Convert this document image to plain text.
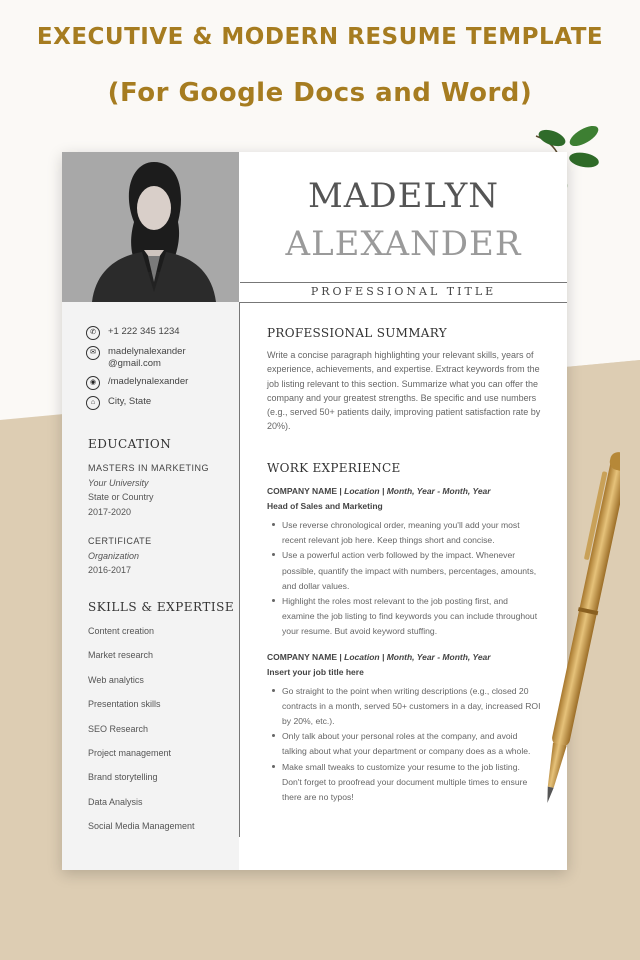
EXECUTIVE & MODERN RESUME TEMPLATE
(For Google Docs and Word)
MADELYN
ALEXANDER
PROFESSIONAL TITLE
✆	+1 222 345 1234
✉	madelynalexander
@gmail.com
◉	/madelynalexander
⌂	City, State
EDUCATION
MASTERS IN MARKETING
Your University
State or Country
2017-2020
CERTIFICATE
Organization
2016-2017
SKILLS & EXPERTISE
Content creation
Market research
Web analytics
Presentation skills
SEO Research
Project management
Brand storytelling
Data Analysis
Social Media Management
PROFESSIONAL SUMMARY
Write a concise paragraph highlighting your relevant skills, years of experience, achievements, and expertise. Extract keywords from the job listing relevant to this section. Summarize what you can offer the company and your greatest strengths. Be specific and use numbers (e.g., served 50+ patients daily, improving patient satisfaction rate by 20%).
WORK EXPERIENCE
COMPANY NAME | Location | Month, Year - Month, Year
Head of Sales and Marketing
Use reverse chronological order, meaning you'll add your most recent relevant job here. Keep things short and concise.
Use a powerful action verb followed by the impact. Whenever possible, quantify the impact with numbers, percentages, amounts, and dollar values.
Highlight the roles most relevant to the job posting first, and examine the job listing to find keywords you can include throughout your resume. But avoid keyword stuffing.
COMPANY NAME | Location | Month, Year - Month, Year
Insert your job title here
Go straight to the point when writing descriptions (e.g., closed 20 contracts in a month, served 50+ customers in a day, increased ROI by 20%, etc.).
Only talk about your personal roles at the company, and avoid talking about what your department or company does as a whole.
Make small tweaks to customize your resume to the job listing. Don't forget to proofread your document multiple times to ensure there are no typos!
